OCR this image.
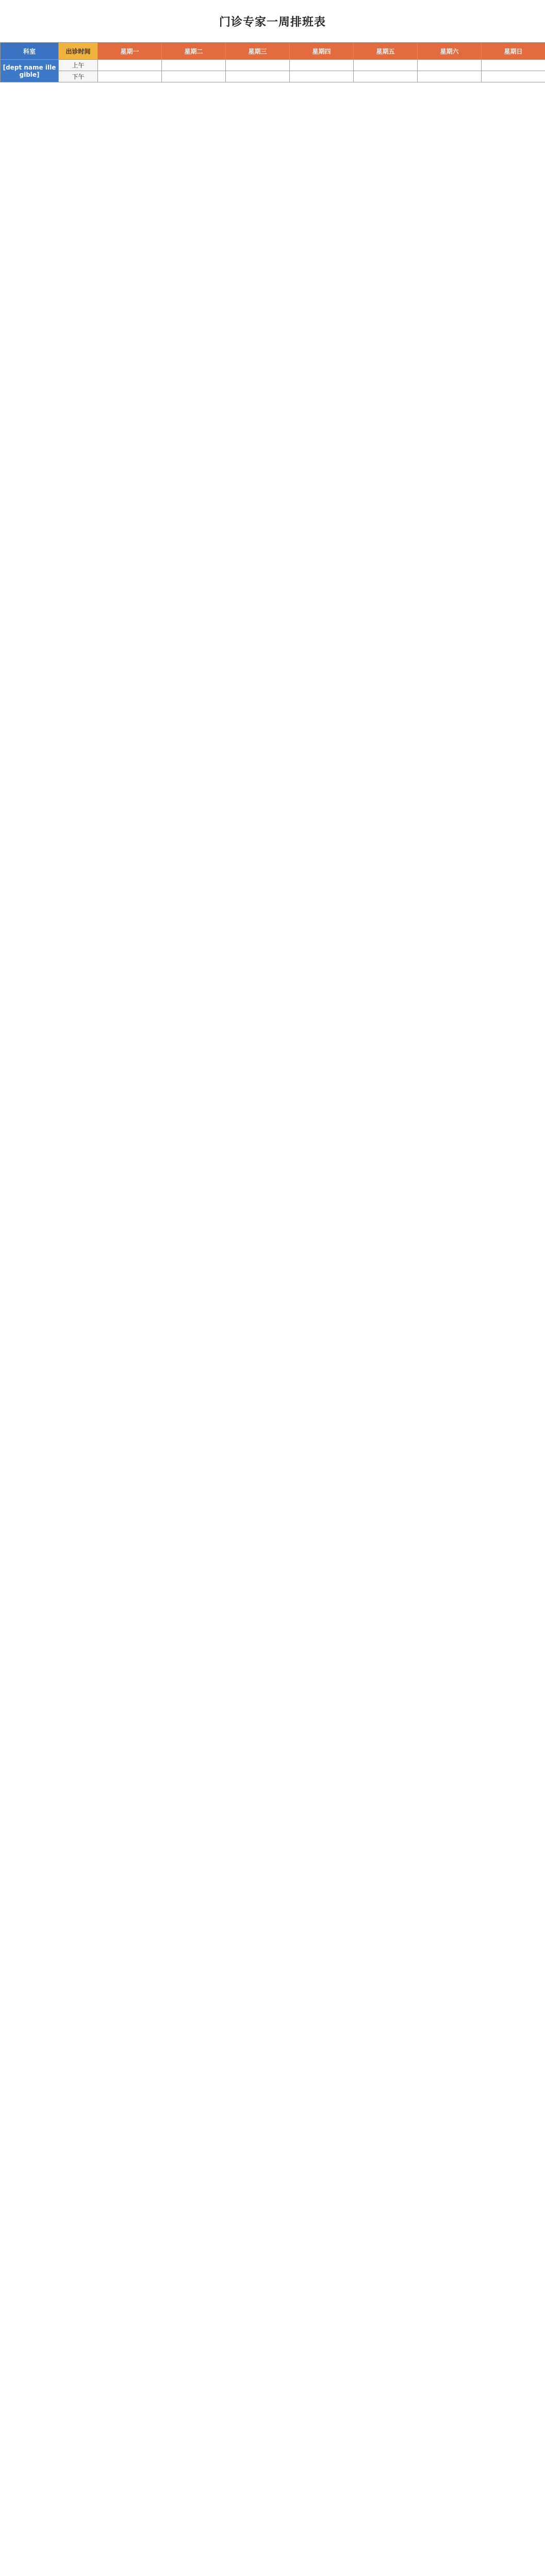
门诊专家一周排班表
科室	出诊时间	星期一	星期二	星期三	星期四	星期五	星期六	星期日
[dept name illegible]	上午							
	下午							
